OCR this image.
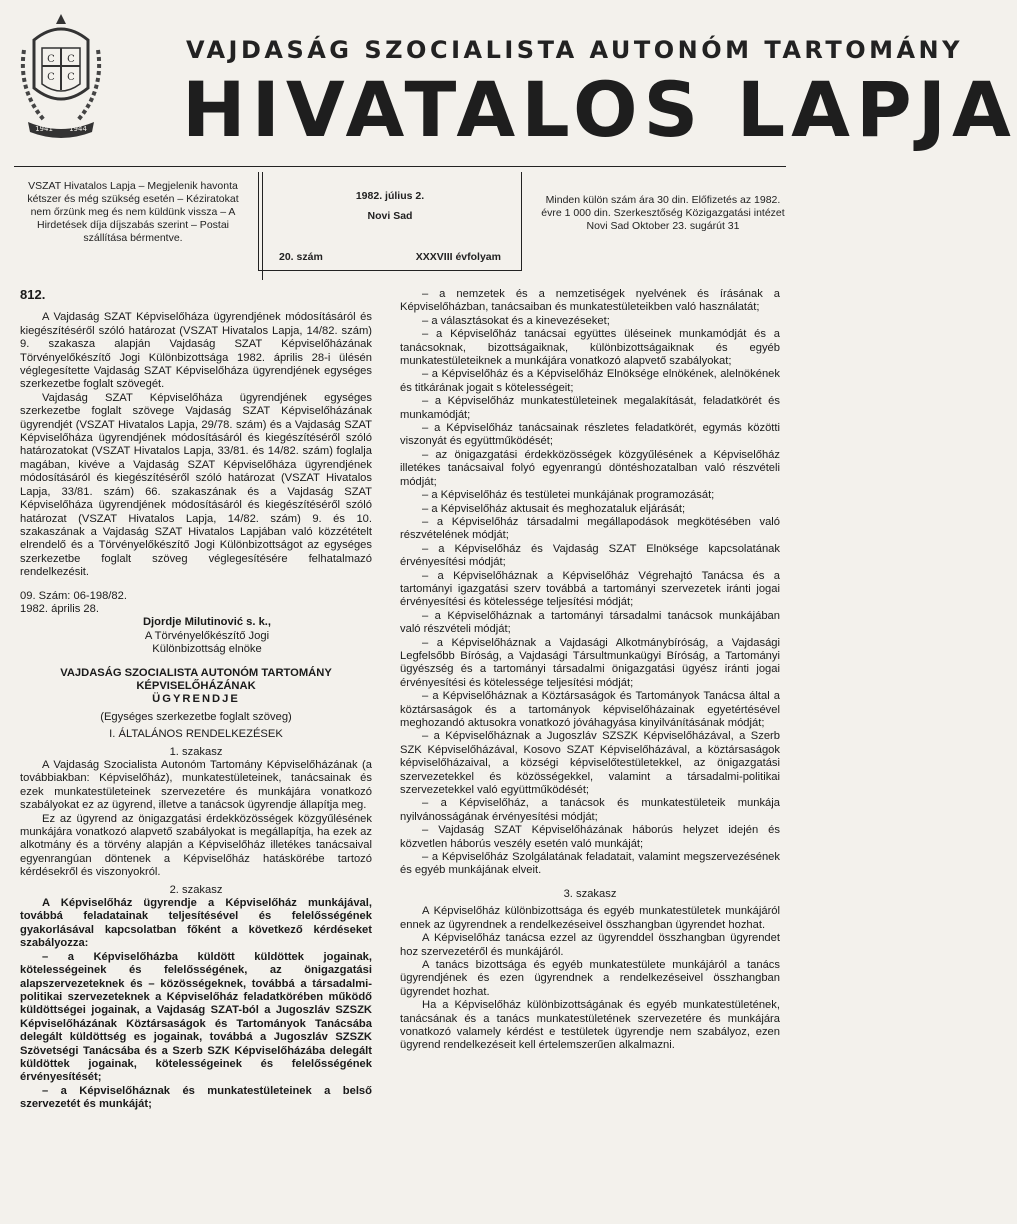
C C
C C
1941 1944
VAJDASÁG SZOCIALISTA AUTONÓM TARTOMÁNY
HIVATALOS LAPJA
VSZAT Hivatalos Lapja – Megjelenik havonta kétszer és még szükség esetén – Kéziratokat nem őrzünk meg és nem küldünk vissza – A Hirdetések díja díjszabás szerint – Postai szállítása bérmentve.
1982. július 2.
Novi Sad
20. szám	XXXVIII évfolyam
Minden külön szám ára 30 din. Előfizetés az 1982. évre 1 000 din. Szerkesztőség Közigazgatási intézet Novi Sad Oktober 23. sugárút 31
812.

A Vajdaság SZAT Képviselőháza ügyrendjének módosításáról és kiegészítéséről szóló határozat (VSZAT Hivatalos Lapja, 14/82. szám) 9. szakasza alapján Vajdaság SZAT Képviselőházának Törvényelőkészítő Jogi Különbizottsága 1982. április 28-i ülésén véglegesítette Vajdaság SZAT Képviselőháza ügyrendjének egységes szerkezetbe foglalt szövegét.

Vajdaság SZAT Képviselőháza ügyrendjének egységes szerkezetbe foglalt szövege Vajdaság SZAT Képviselőházának ügyrendjét (VSZAT Hivatalos Lapja, 29/78. szám) és a Vajdaság SZAT Képviselőháza ügyrendjének módosításáról és kiegészítéséről szóló határozatokat (VSZAT Hivatalos Lapja, 33/81. és 14/82. szám) foglalja magában, kivéve a Vajdaság SZAT Képviselőháza ügyrendjének módosításáról és kiegészítéséről szóló határozat (VSZAT Hivatalos Lapja, 33/81. szám) 66. szakaszának és a Vajdaság SZAT Képviselőháza ügyrendjének módosításáról és kiegészítéséről szóló határozat (VSZAT Hivatalos Lapja, 14/82. szám) 9. és 10. szakaszának a Vajdaság SZAT Hivatalos Lapjában való közzétételt elrendelő és a Törvényelőkészítő Jogi Különbizottságot az egységes szerkezetbe foglalt szöveg véglegesítésére felhatalmazó rendelkezésit.

09. Szám: 06-198/82.

1982. április 28.

Djordje Milutinović s. k.,

A Törvényelőkészítő Jogi

Különbizottság elnöke

VAJDASÁG SZOCIALISTA AUTONÓM TARTOMÁNY KÉPVISELŐHÁZÁNAK

ÜGYRENDJE

(Egységes szerkezetbe foglalt szöveg)

I. ÁLTALÁNOS RENDELKEZÉSEK

1. szakasz

A Vajdaság Szocialista Autonóm Tartomány Képviselőházának (a továbbiakban: Képviselőház), munkatestületeinek, tanácsainak és ezek munkatestületeinek szervezetére és munkájára vonatkozó szabályokat ez az ügyrend, illetve a tanácsok ügyrendje állapítja meg.

Ez az ügyrend az önigazgatási érdekközösségek közgyűlésének munkájára vonatkozó alapvető szabályokat is megállapítja, ha ezek az alkotmány és a törvény alapján a Képviselőház illetékes tanácsaival egyenrangúan döntenek a Képviselőház hatáskörébe tartozó kérdésekről és viszonyokról.

2. szakasz

A Képviselőház ügyrendje a Képviselőház munkájával, továbbá feladatainak teljesítésével és felelősségének gyakorlásával kapcsolatban főként a következő kérdéseket szabályozza:

– a Képviselőházba küldött küldöttek jogainak, kötelességeinek és felelősségének, az önigazgatási alapszervezeteknek és – közösségeknek, továbbá a társadalmi-politikai szervezeteknek a Képviselőház feladatkörében működő küldöttségei jogainak, a Vajdaság SZAT-ból a Jugoszláv SZSZK Képviselőházának Köztársaságok és Tartományok Tanácsába delegált küldöttség es jogainak, továbbá a Jugoszláv SZSZK Szövetségi Tanácsába és a Szerb SZK Képviselőházába delegált küldöttek jogainak, kötelességeinek és felelősségének érvényesítését;

– a Képviselőháznak és munkatestületeinek a belső szervezetét és munkáját;

– a nemzetek és a nemzetiségek nyelvének és írásának a Képviselőházban, tanácsaiban és munkatestületeikben való használatát;

– a választásokat és a kinevezéseket;

– a Képviselőház tanácsai együttes üléseinek munkamódját és a tanácsoknak, bizottságaiknak, különbizottságaiknak és egyéb munkatestületeiknek a munkájára vonatkozó alapvető szabályokat;

– a Képviselőház és a Képviselőház Elnöksége elnökének, alelnökének és titkárának jogait s kötelességeit;

– a Képviselőház munkatestületeinek megalakítását, feladatkörét és munkamódját;

– a Képviselőház tanácsainak részletes feladatkörét, egymás közötti viszonyát és együttműködését;

– az önigazgatási érdekközösségek közgyűlésének a Képviselőház illetékes tanácsaival folyó egyenrangú döntéshozatalban való részvételi módját;

– a Képviselőház és testületei munkájának programozását;

– a Képviselőház aktusait és meghozataluk eljárását;

– a Képviselőház társadalmi megállapodások megkötésében való részvételének módját;

– a Képviselőház és Vajdaság SZAT Elnöksége kapcsolatának érvényesítési módját;

– a Képviselőháznak a Képviselőház Végrehajtó Tanácsa és a tartományi igazgatási szerv továbbá a tartományi szervezetek iránti jogai érvényesítési és kötelessége teljesítési módját;

– a Képviselőháznak a tartományi társadalmi tanácsok munkájában való részvételi módját;

– a Képviselőháznak a Vajdasági Alkotmánybíróság, a Vajdasági Legfelsőbb Bíróság, a Vajdasági Társultmunkaügyi Bíróság, a Tartományi ügyészség és a tartományi társadalmi önigazgatási ügyész iránti jogai érvényesítési és kötelessége teljesítési módját;

– a Képviselőháznak a Köztársaságok és Tartományok Tanácsa által a köztársaságok és a tartományok képviselőházainak egyetértésével meghozandó aktusokra vonatkozó jóváhagyása kinyilvánításának módját;

– a Képviselőháznak a Jugoszláv SZSZK Képviselőházával, a Szerb SZK Képviselőházával, Kosovo SZAT Képviselőházával, a köztársaságok képviselőházaival, a községi képviselőtestületekkel, az önigazgatási szervezetekkel és közösségekkel, valamint a társadalmi-politikai szervezetekkel való együttműködését;

– a Képviselőház, a tanácsok és munkatestületeik munkája nyilvánosságának érvényesítési módját;

– Vajdaság SZAT Képviselőházának háborús helyzet idején és közvetlen háborús veszély esetén való munkáját;

– a Képviselőház Szolgálatának feladatait, valamint megszervezésének és egyéb munkájának elveit.

3. szakasz

A Képviselőház különbizottsága és egyéb munkatestületek munkájáról ennek az ügyrendnek a rendelkezéseivel összhangban ügyrendet hozhat.

A Képviselőház tanácsa ezzel az ügyrenddel összhangban ügyrendet hoz szervezetéről és munkájáról.

A tanács bizottsága és egyéb munkatestülete munkájáról a tanács ügyrendjének és ezen ügyrendnek a rendelkezéseivel összhangban ügyrendet hozhat.

Ha a Képviselőház különbizottságának és egyéb munkatestületének, tanácsának és a tanács munkatestületének szervezetére és munkájára vonatkozó valamely kérdést e testületek ügyrendje nem szabályoz, ezen ügyrend rendelkezéseit kell értelemszerűen alkalmazni.
